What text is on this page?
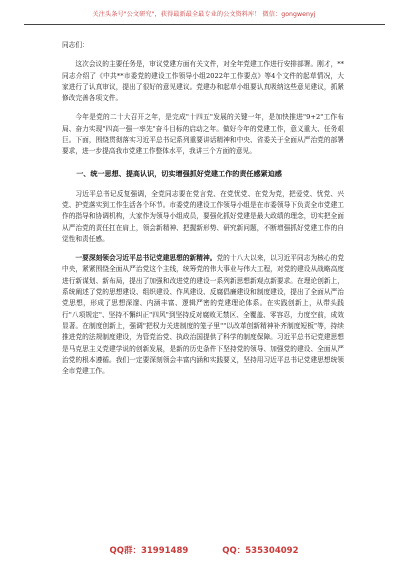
关注头条号"公文研究"，获得最新最全最专业的公文资料库！ 微信：gongwenyj

同志们：

这次会议的主要任务是，审议党建方面有关文件，对全年党建工作进行安排部署。刚才，**同志介绍了《中共**市委党的建设工作领导小组2022年工作要点》等4个文件的起草情况，大家进行了认真审议，提出了很好的意见建议。党建办和起草小组要认真吸纳这些意见建议，抓紧修改完善各项文件。

今年是党的二十大召开之年，是完成"十四五"发展的关键一年，是加快推进"9+2"工作布局、奋力实现"四高一强一率先"奋斗目标的启动之年。做好今年的党建工作，意义重大、任务艰巨。下面，围绕贯彻落实习近平总书记系列重要讲话精神和中央、省委关于全面从严治党的部署要求，进一步提高我市党建工作整体水平，我讲三个方面的意见。

一、统一思想、提高认识，切实增强抓好党建工作的责任感紧迫感

习近平总书记反复强调，全党同志要在党言党、在党忧党、在党为党，把爱党、忧党、兴党、护党落实到工作生活各个环节。市委党的建设工作领导小组是在市委领导下负责全市党建工作的指导和协调机构，大家作为领导小组成员，要强化抓好党建是最大政绩的理念，切实把全面从严治党的责任扛在肩上，领会新精神、把握新形势、研究新问题，不断增强抓好党建工作的自觉性和责任感。

一要深刻领会习近平总书记党建思想的新精神。党的十八大以来，以习近平同志为核心的党中央，紧紧围绕全面从严治党这个主线，统筹党的伟大事业与伟大工程，对党的建设从战略高度进行新谋划、新布局，提出了加强和改进党的建设一系列新思想新观点新要求。在理论创新上，系统阐述了党的思想建设、组织建设、作风建设、反腐倡廉建设和制度建设，提出了全面从严治党思想，形成了思想深邃、内涵丰富、逻辑严密的党建理论体系。在实践创新上，从带头践行"八项规定"、坚持不懈纠正"四风"到坚持反对腐败无禁区、全覆盖、零容忍，力度空前，成效显著。在制度创新上，强调"把权力关进制度的笼子里""以改革创新精神补齐制度短板"等，持续推进党的法规制度建设，为管党治党、执政治国提供了科学的制度保障。习近平总书记党建思想是马克思主义党建学说的创新发展，是新的历史条件下坚持党的领导、加强党的建设、全面从严治党的根本遵循。我们一定要深刻领会丰富内涵和实践要义，坚持用习近平总书记党建思想统领全市党建工作。

QQ群：31991489	QQ：535304092
